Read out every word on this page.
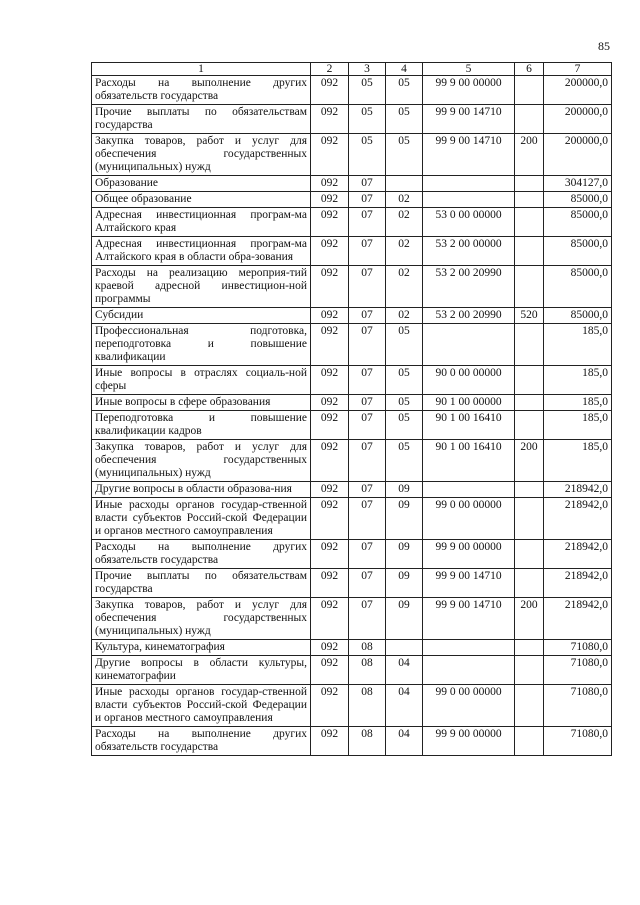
85
1	2	3	4	5	6	7
Расходы на выполнение других обязательств государства	092	05	05	99 9 00 00000		200000,0
Прочие выплаты по обязательствам государства	092	05	05	99 9 00 14710		200000,0
Закупка товаров, работ и услуг для обеспечения государственных (муниципальных) нужд	092	05	05	99 9 00 14710	200	200000,0
Образование	092	07				304127,0
Общее образование	092	07	02			85000,0
Адресная инвестиционная програм-ма Алтайского края	092	07	02	53 0 00 00000		85000,0
Адресная инвестиционная програм-ма Алтайского края в области обра-зования	092	07	02	53 2 00 00000		85000,0
Расходы на реализацию мероприя-тий краевой адресной инвестицион-ной программы	092	07	02	53 2 00 20990		85000,0
Субсидии	092	07	02	53 2 00 20990	520	85000,0
Профессиональная подготовка, переподготовка и повышение квалификации	092	07	05			185,0
Иные вопросы в отраслях социаль-ной сферы	092	07	05	90 0 00 00000		185,0
Иные вопросы в сфере образования	092	07	05	90 1 00 00000		185,0
Переподготовка и повышение квалификации кадров	092	07	05	90 1 00 16410		185,0
Закупка товаров, работ и услуг для обеспечения государственных (муниципальных) нужд	092	07	05	90 1 00 16410	200	185,0
Другие вопросы в области образова-ния	092	07	09			218942,0
Иные расходы органов государ-ственной власти субъектов Россий-ской Федерации и органов местного самоуправления	092	07	09	99 0 00 00000		218942,0
Расходы на выполнение других обязательств государства	092	07	09	99 9 00 00000		218942,0
Прочие выплаты по обязательствам государства	092	07	09	99 9 00 14710		218942,0
Закупка товаров, работ и услуг для обеспечения государственных (муниципальных) нужд	092	07	09	99 9 00 14710	200	218942,0
Культура, кинематография	092	08				71080,0
Другие вопросы в области культуры, кинематографии	092	08	04			71080,0
Иные расходы органов государ-ственной власти субъектов Россий-ской Федерации и органов местного самоуправления	092	08	04	99 0 00 00000		71080,0
Расходы на выполнение других обязательств государства	092	08	04	99 9 00 00000		71080,0
